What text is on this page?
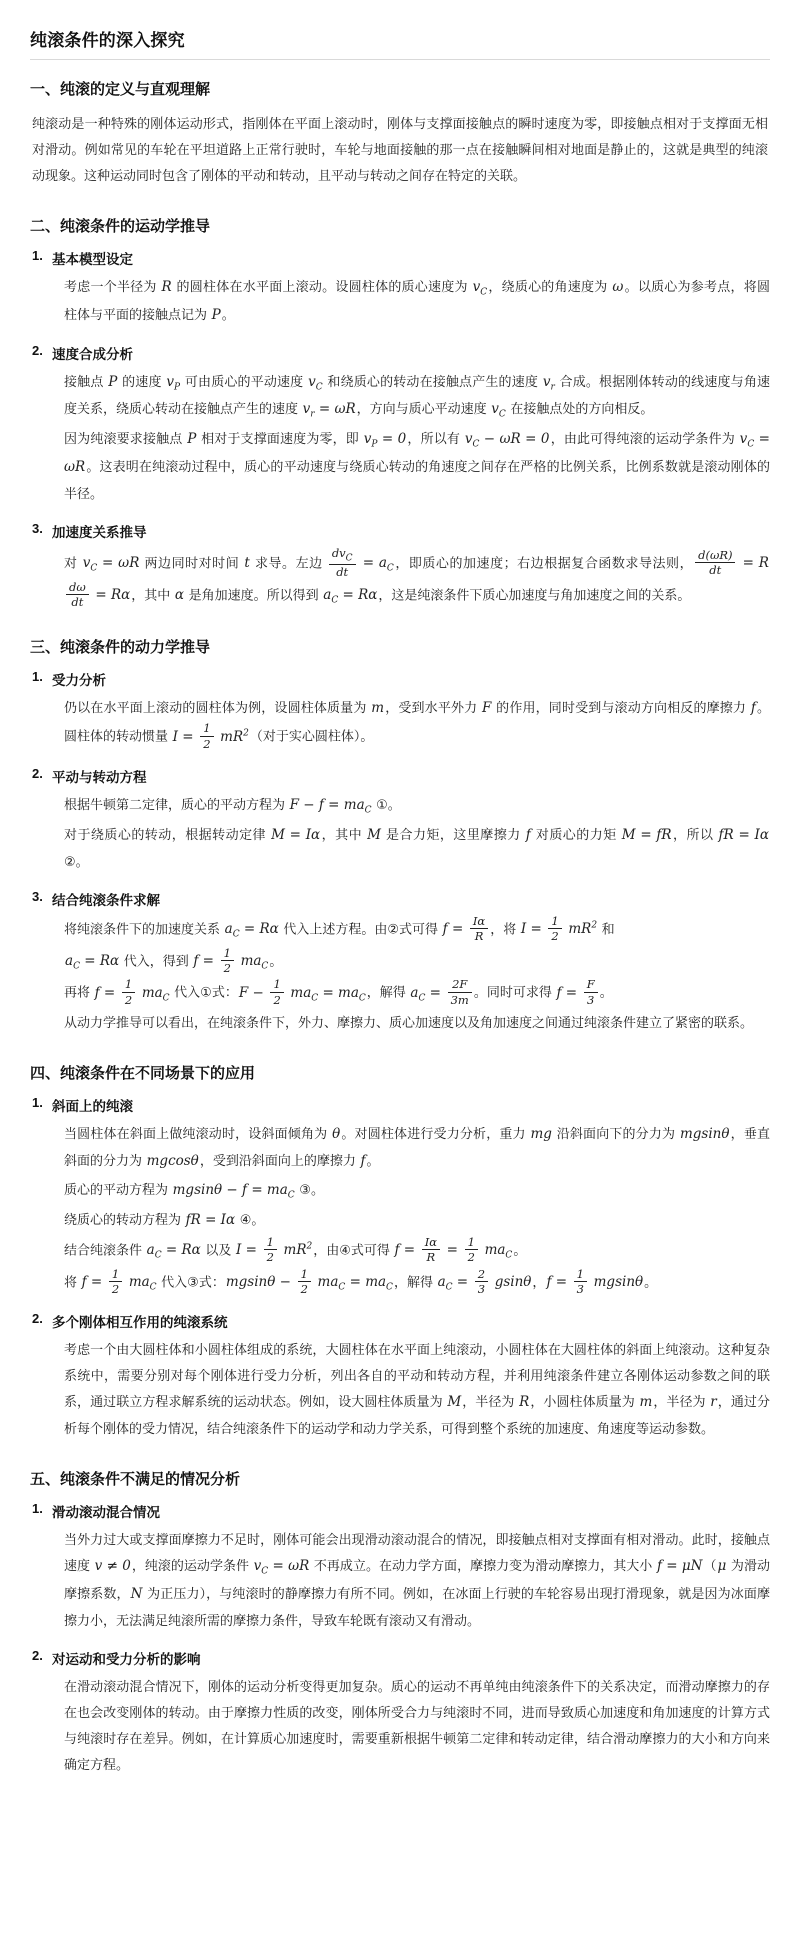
纯滚条件的深入探究
一、纯滚的定义与直观理解

纯滚动是一种特殊的刚体运动形式，指刚体在平面上滚动时，刚体与支撑面接触点的瞬时速度为零，即接触点相对于支撑面无相对滑动。例如常见的车轮在平坦道路上正常行驶时，车轮与地面接触的那一点在接触瞬间相对地面是静止的，这就是典型的纯滚动现象。这种运动同时包含了刚体的平动和转动，且平动与转动之间存在特定的关联。

二、纯滚条件的运动学推导
基本模型设定

考虑一个半径为 R 的圆柱体在水平面上滚动。设圆柱体的质心速度为 $v_C$，绕质心的角速度为 ω。以质心为参考点，将圆柱体与平面的接触点记为 P。

速度合成分析

接触点 P 的速度 $v_P$ 可由质心的平动速度 $v_C$ 和绕质心的转动在接触点产生的速度 $v_r$ 合成。根据刚体转动的线速度与角速度关系，绕质心转动在接触点产生的速度 $v_r = \omega R$，方向与质心平动速度 $v_C$ 在接触点处的方向相反。

因为纯滚要求接触点 P 相对于支撑面速度为零，即 $v_P = 0$，所以有 $v_C - \omega R = 0$，由此可得纯滚的运动学条件为 $v_C = \omega R$。这表明在纯滚动过程中，质心的平动速度与绕质心转动的角速度之间存在严格的比例关系，比例系数就是滚动刚体的半径。

加速度关系推导

对 $v_C = \omega R$ 两边同时对时间 t 求导。左边 $\frac{dv_C}{dt} = a_C$，即质心的加速度；右边根据复合函数求导法则， $\frac{d(\omega R)}{dt} = R$
$\frac{d\omega}{dt} = R\alpha$，其中 α 是角加速度。所以得到 $a_C = R\alpha$，这是纯滚条件下质心加速度与角加速度之间的关系。

三、纯滚条件的动力学推导
受力分析

仍以在水平面上滚动的圆柱体为例，设圆柱体质量为 m，受到水平外力 F 的作用，同时受到与滚动方向相反的摩擦力 f。圆柱体的转动惯量 $I = \frac{1}{2} mR^2$（对于实心圆柱体）。

平动与转动方程

根据牛顿第二定律，质心的平动方程为 $F - f = ma_C$ ①。

对于绕质心的转动，根据转动定律 M = Iα，其中 M 是合力矩，这里摩擦力 f 对质心的力矩 M = fR，所以 fR = Iα ②。

结合纯滚条件求解

将纯滚条件下的加速度关系 $a_C = R\alpha$ 代入上述方程。由②式可得 $f = \frac{I\alpha}{R}$ ，将 $I = \frac{1}{2} mR^2$ 和

$a_C = R\alpha$ 代入，得到 $f = \frac{1}{2} ma_C$。

再将 $f = \frac{1}{2} ma_C$ 代入①式：$F - \frac{1}{2} ma_C = ma_C$，解得 $a_C = \frac{2F}{3m}$ 。同时可求得 $f = \frac{F}{3}$ 。

从动力学推导可以看出，在纯滚条件下，外力、摩擦力、质心加速度以及角加速度之间通过纯滚条件建立了紧密的联系。

四、纯滚条件在不同场景下的应用
斜面上的纯滚

当圆柱体在斜面上做纯滚动时，设斜面倾角为 θ。对圆柱体进行受力分析，重力 mg 沿斜面向下的分力为 mgsinθ，垂直斜面的分力为 mgcosθ，受到沿斜面向上的摩擦力 f。

质心的平动方程为 $mgsin\theta - f = ma_C$ ③。

绕质心的转动方程为 fR = Iα ④。

结合纯滚条件 $a_C = R\alpha$ 以及 $I = \frac{1}{2} mR^2$，由④式可得 $f = \frac{I\alpha}{R} = \frac{1}{2} ma_C$。

将 $f = \frac{1}{2} ma_C$ 代入③式：$mgsin\theta - \frac{1}{2} ma_C = ma_C$，解得 $a_C = \frac{2}{3}$ gsinθ，$f = \frac{1}{3}$ mgsinθ。

多个刚体相互作用的纯滚系统

考虑一个由大圆柱体和小圆柱体组成的系统，大圆柱体在水平面上纯滚动，小圆柱体在大圆柱体的斜面上纯滚动。这种复杂系统中，需要分别对每个刚体进行受力分析，列出各自的平动和转动方程，并利用纯滚条件建立各刚体运动参数之间的联系，通过联立方程求解系统的运动状态。例如，设大圆柱体质量为 M，半径为 R，小圆柱体质量为 m，半径为 r，通过分析每个刚体的受力情况，结合纯滚条件下的运动学和动力学关系，可得到整个系统的加速度、角速度等运动参数。

五、纯滚条件不满足的情况分析
滑动滚动混合情况

当外力过大或支撑面摩擦力不足时，刚体可能会出现滑动滚动混合的情况，即接触点相对支撑面有相对滑动。此时，接触点速度 v ≠ 0，纯滚的运动学条件 $v_C = \omega R$ 不再成立。在动力学方面，摩擦力变为滑动摩擦力，其大小 f = μN（μ 为滑动摩擦系数，N 为正压力），与纯滚时的静摩擦力有所不同。例如，在冰面上行驶的车轮容易出现打滑现象，就是因为冰面摩擦力小，无法满足纯滚所需的摩擦力条件，导致车轮既有滚动又有滑动。

对运动和受力分析的影响

在滑动滚动混合情况下，刚体的运动分析变得更加复杂。质心的运动不再单纯由纯滚条件下的关系决定，而滑动摩擦力的存在也会改变刚体的转动。由于摩擦力性质的改变，刚体所受合力与纯滚时不同，进而导致质心加速度和角加速度的计算方式与纯滚时存在差异。例如，在计算质心加速度时，需要重新根据牛顿第二定律和转动定律，结合滑动摩擦力的大小和方向来确定方程。
